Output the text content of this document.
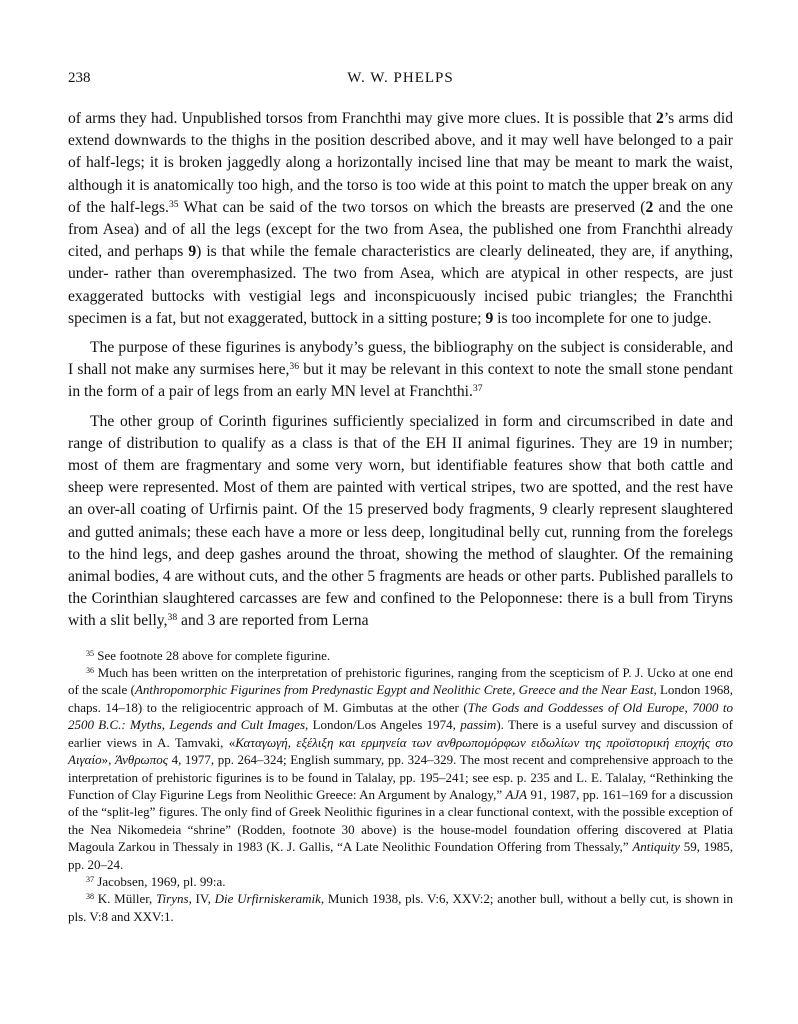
238	W. W. PHELPS

of arms they had. Unpublished torsos from Franchthi may give more clues. It is possible that 2’s arms did extend downwards to the thighs in the position described above, and it may well have belonged to a pair of half-legs; it is broken jaggedly along a horizontally incised line that may be meant to mark the waist, although it is anatomically too high, and the torso is too wide at this point to match the upper break on any of the half-legs.$^{35}$ What can be said of the two torsos on which the breasts are preserved (2 and the one from Asea) and of all the legs (except for the two from Asea, the published one from Franchthi already cited, and perhaps 9) is that while the female characteristics are clearly delineated, they are, if anything, under- rather than overemphasized. The two from Asea, which are atypical in other respects, are just exaggerated buttocks with vestigial legs and inconspicuously incised pubic triangles; the Franchthi specimen is a fat, but not exaggerated, buttock in a sitting posture; 9 is too incomplete for one to judge.

The purpose of these figurines is anybody’s guess, the bibliography on the subject is considerable, and I shall not make any surmises here,$^{36}$ but it may be relevant in this context to note the small stone pendant in the form of a pair of legs from an early MN level at Franchthi.$^{37}$

The other group of Corinth figurines sufficiently specialized in form and circumscribed in date and range of distribution to qualify as a class is that of the EH II animal figurines. They are 19 in number; most of them are fragmentary and some very worn, but identifiable features show that both cattle and sheep were represented. Most of them are painted with vertical stripes, two are spotted, and the rest have an over-all coating of Urfirnis paint. Of the 15 preserved body fragments, 9 clearly represent slaughtered and gutted animals; these each have a more or less deep, longitudinal belly cut, running from the forelegs to the hind legs, and deep gashes around the throat, showing the method of slaughter. Of the remaining animal bodies, 4 are without cuts, and the other 5 fragments are heads or other parts. Published parallels to the Corinthian slaughtered carcasses are few and confined to the Peloponnese: there is a bull from Tiryns with a slit belly,$^{38}$ and 3 are reported from Lerna

$^{35}$ See footnote 28 above for complete figurine.

$^{36}$ Much has been written on the interpretation of prehistoric figurines, ranging from the scepticism of P. J. Ucko at one end of the scale (Anthropomorphic Figurines from Predynastic Egypt and Neolithic Crete, Greece and the Near East, London 1968, chaps. 14–18) to the religiocentric approach of M. Gimbutas at the other (The Gods and Goddesses of Old Europe, 7000 to 2500 B.C.: Myths, Legends and Cult Images, London/Los Angeles 1974, passim). There is a useful survey and discussion of earlier views in A. Tamvaki, «Καταγωγή, εξέλιξη και ερμηνεία των ανθρωπομόρφων ειδωλίων της προϊστορική εποχής στο Αιγαίο», Άνθρωπος 4, 1977, pp. 264–324; English summary, pp. 324–329. The most recent and comprehensive approach to the interpretation of prehistoric figurines is to be found in Talalay, pp. 195–241; see esp. p. 235 and L. E. Talalay, “Rethinking the Function of Clay Figurine Legs from Neolithic Greece: An Argument by Analogy,” AJA 91, 1987, pp. 161–169 for a discussion of the “split-leg” figures. The only find of Greek Neolithic figurines in a clear functional context, with the possible exception of the Nea Nikomedeia “shrine” (Rodden, footnote 30 above) is the house-model foundation offering discovered at Platia Magoula Zarkou in Thessaly in 1983 (K. J. Gallis, “A Late Neolithic Foundation Offering from Thessaly,” Antiquity 59, 1985, pp. 20–24.

$^{37}$ Jacobsen, 1969, pl. 99:a.

$^{38}$ K. Müller, Tiryns, IV, Die Urfirniskeramik, Munich 1938, pls. V:6, XXV:2; another bull, without a belly cut, is shown in pls. V:8 and XXV:1.
